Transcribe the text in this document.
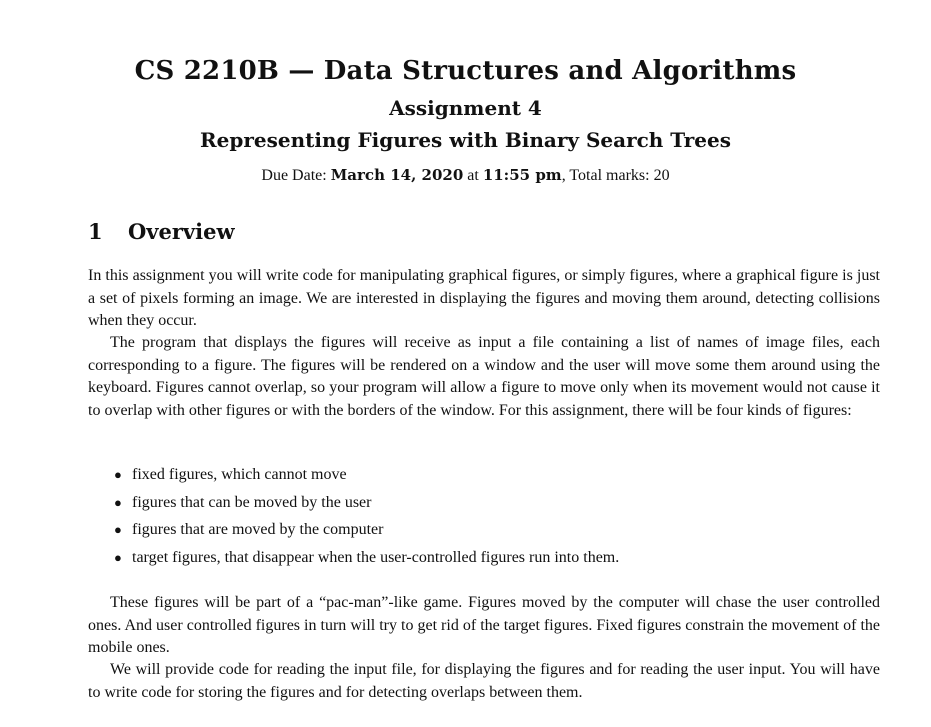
CS 2210B — Data Structures and Algorithms
Assignment 4
Representing Figures with Binary Search Trees
Due Date: March 14, 2020 at 11:55 pm, Total marks: 20
1 Overview

In this assignment you will write code for manipulating graphical figures, or simply figures, where a graphical figure is just a set of pixels forming an image. We are interested in displaying the figures and moving them around, detecting collisions when they occur.

The program that displays the figures will receive as input a file containing a list of names of image files, each corresponding to a figure. The figures will be rendered on a window and the user will move some them around using the keyboard. Figures cannot overlap, so your program will allow a figure to move only when its movement would not cause it to overlap with other figures or with the borders of the window. For this assignment, there will be four kinds of figures:

● fixed figures, which cannot move
● figures that can be moved by the user
● figures that are moved by the computer
● target figures, that disappear when the user-controlled figures run into them.

These figures will be part of a “pac-man”-like game. Figures moved by the computer will chase the user controlled ones. And user controlled figures in turn will try to get rid of the target figures. Fixed figures constrain the movement of the mobile ones.

We will provide code for reading the input file, for displaying the figures and for reading the user input. You will have to write code for storing the figures and for detecting overlaps between them.
